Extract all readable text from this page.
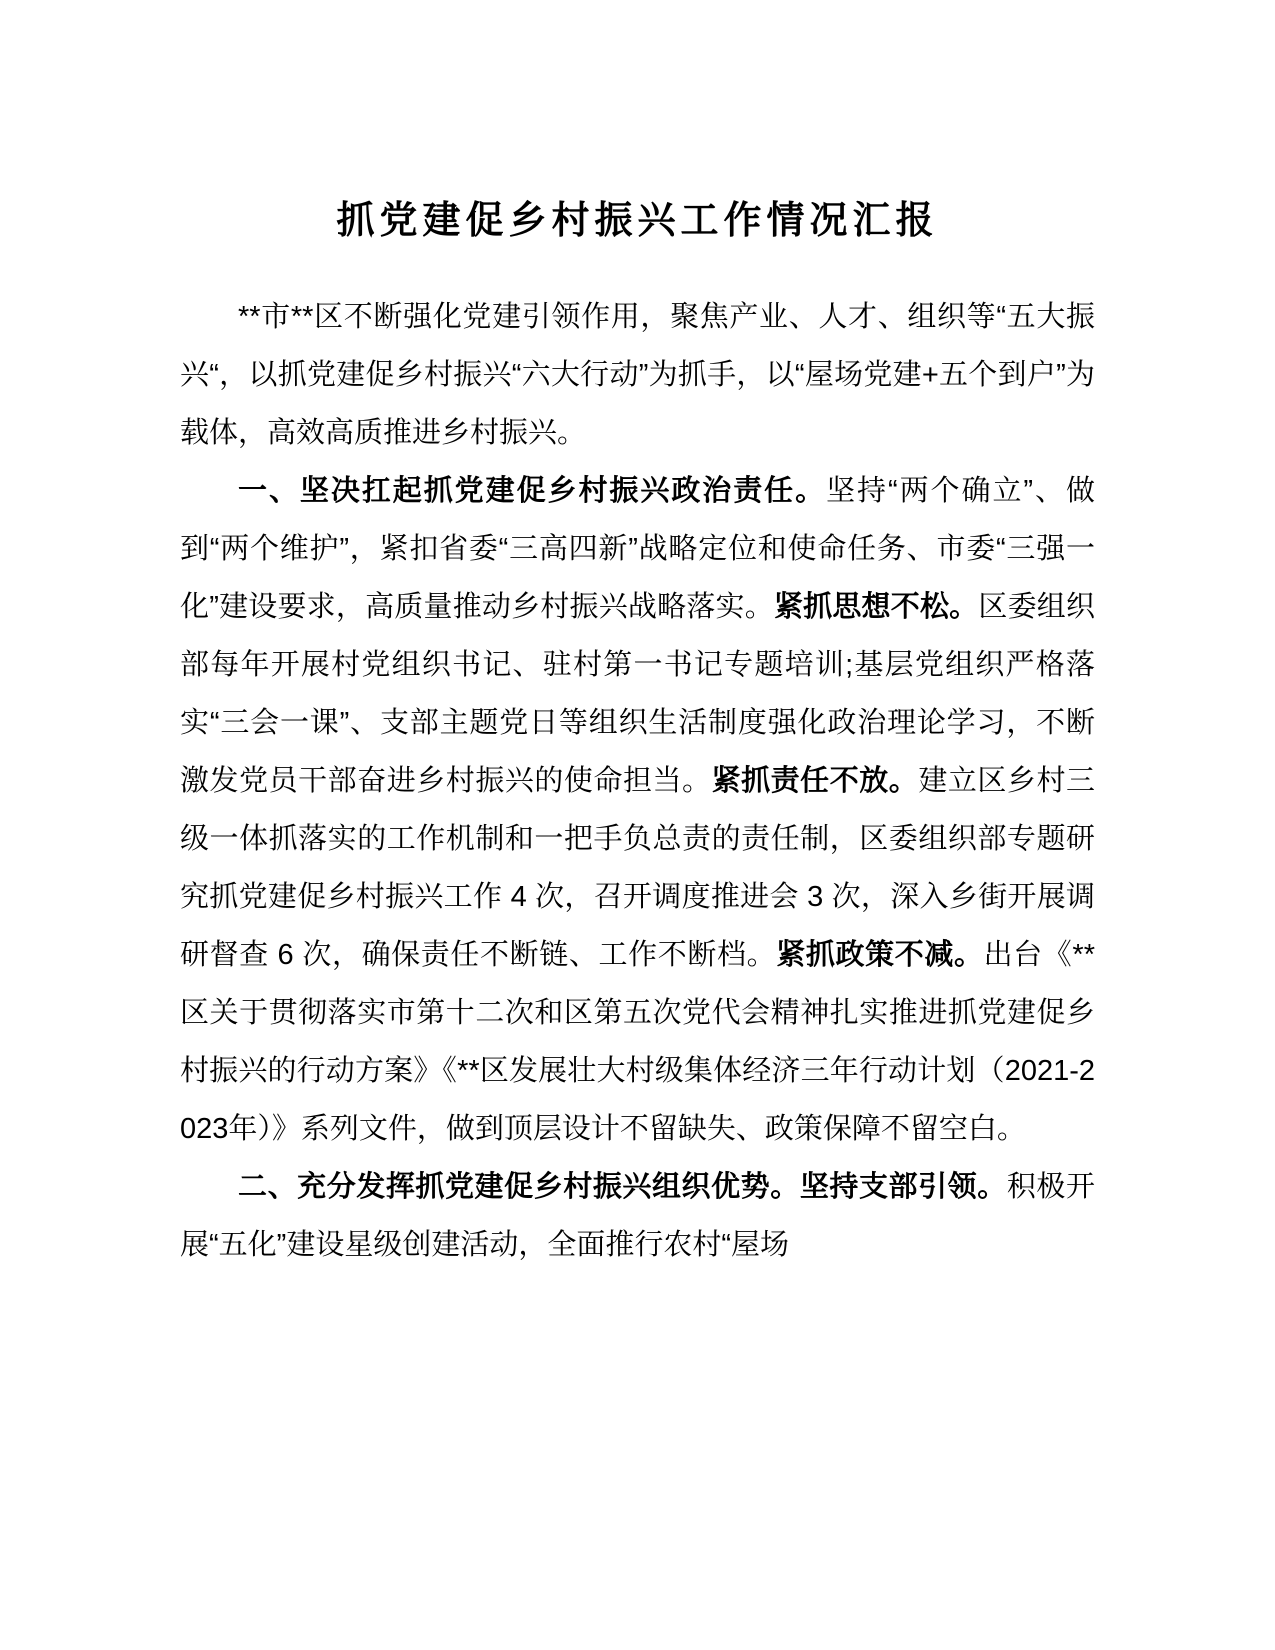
抓党建促乡村振兴工作情况汇报

**市**区不断强化党建引领作用，聚焦产业、人才、组织等“五大振兴“，以抓党建促乡村振兴“六大行动”为抓手，以“屋场党建+五个到户”为载体，高效高质推进乡村振兴。

一、坚决扛起抓党建促乡村振兴政治责任。坚持“两个确立”、做到“两个维护”，紧扣省委“三高四新”战略定位和使命任务、市委“三强一化”建设要求，高质量推动乡村振兴战略落实。紧抓思想不松。区委组织部每年开展村党组织书记、驻村第一书记专题培训;基层党组织严格落实“三会一课”、支部主题党日等组织生活制度强化政治理论学习，不断激发党员干部奋进乡村振兴的使命担当。紧抓责任不放。建立区乡村三级一体抓落实的工作机制和一把手负总责的责任制，区委组织部专题研究抓党建促乡村振兴工作 4 次，召开调度推进会 3 次，深入乡街开展调研督查 6 次，确保责任不断链、工作不断档。紧抓政策不减。出台《**区关于贯彻落实市第十二次和区第五次党代会精神扎实推进抓党建促乡村振兴的行动方案》《**区发展壮大村级集体经济三年行动计划（2021-2023年）》系列文件，做到顶层设计不留缺失、政策保障不留空白。

二、充分发挥抓党建促乡村振兴组织优势。坚持支部引领。积极开展“五化”建设星级创建活动，全面推行农村“屋场
